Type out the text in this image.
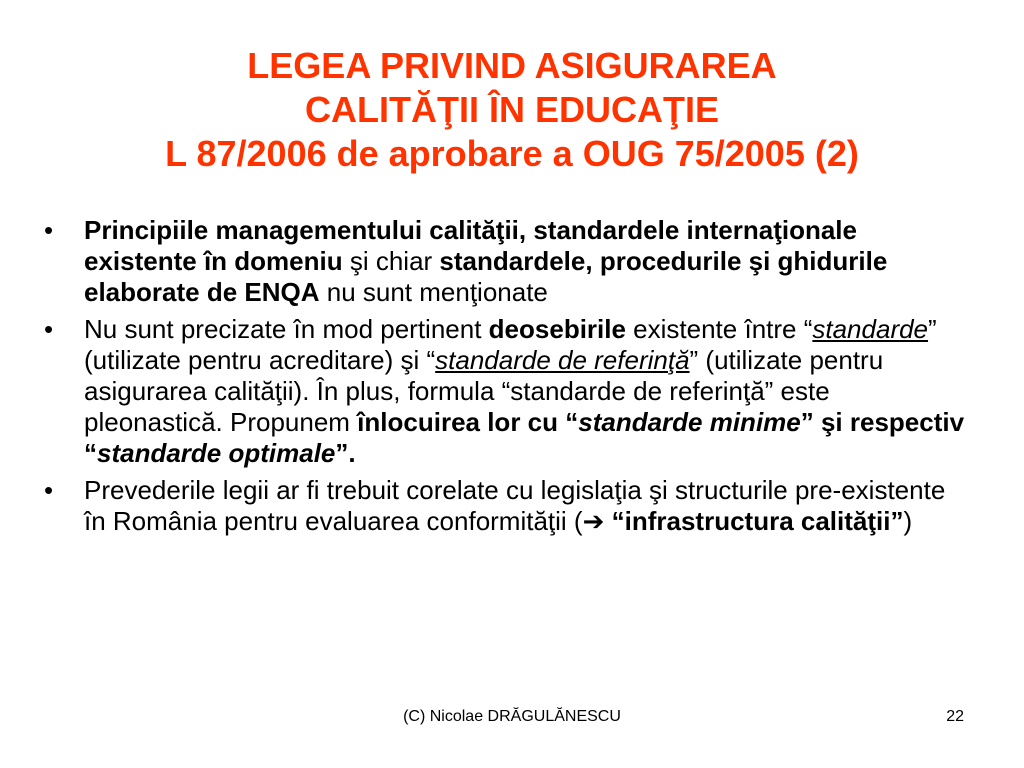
LEGEA PRIVIND ASIGURAREA
CALITĂŢII ÎN EDUCAŢIE
L 87/2006 de aprobare a OUG 75/2005 (2)
• Principiile managementului calităţii, standardele internaţionale existente în domeniu şi chiar standardele, procedurile şi ghidurile elaborate de ENQA nu sunt menţionate
• Nu sunt precizate în mod pertinent deosebirile existente între “standarde” (utilizate pentru acreditare) şi “standarde de referinţă” (utilizate pentru asigurarea calităţii). În plus, formula “standarde de referinţă” este pleonastică. Propunem înlocuirea lor cu “standarde minime” şi respectiv “standarde optimale”.
• Prevederile legii ar fi trebuit corelate cu legislaţia şi structurile pre-existente în România pentru evaluarea conformităţii (➔ “infrastructura calităţii”)
(C) Nicolae DRĂGULĂNESCU	22
